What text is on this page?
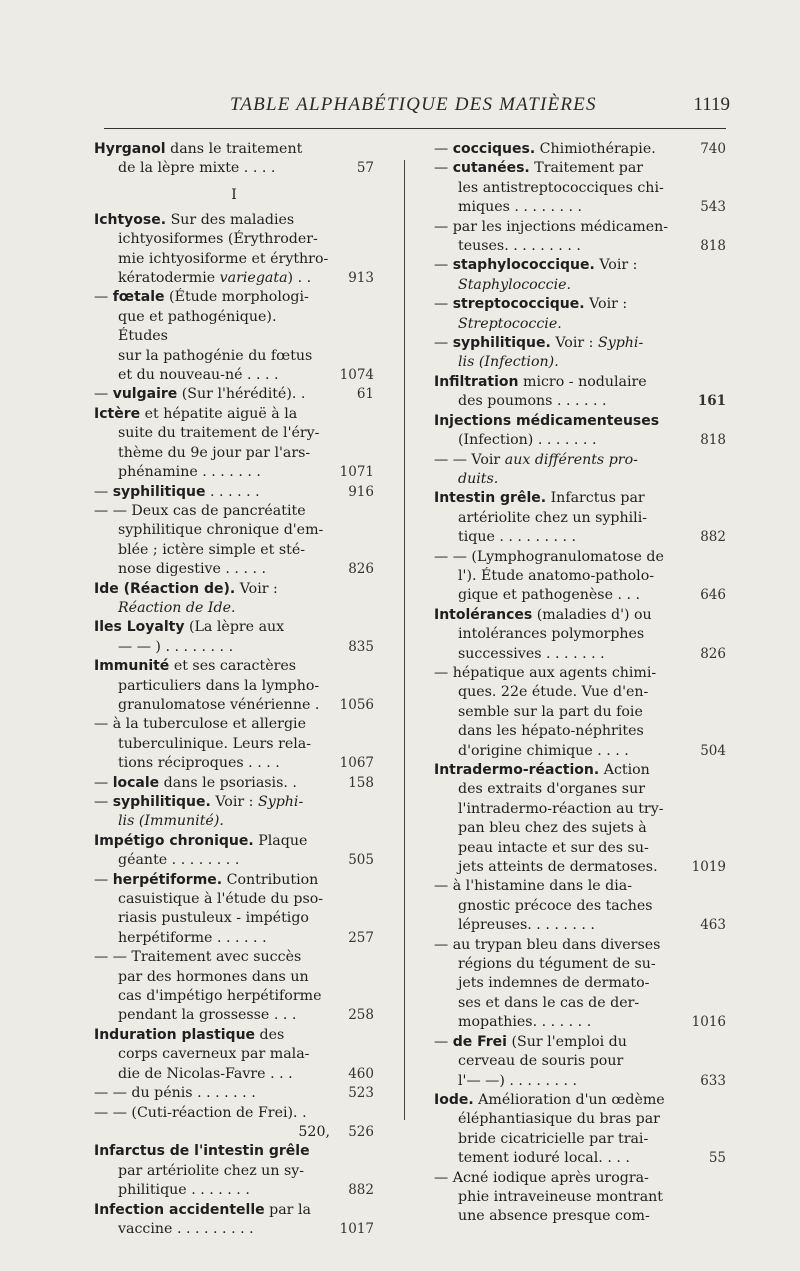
TABLE ALPHABÉTIQUE DES MATIÈRES	1119
Hyrganol dans le traitement
de la lèpre mixte . . . .	57
I
Ichtyose. Sur des maladies
ichtyosiformes (Érythroder-
mie ichtyosiforme et érythro-
kératodermie variegata) . .	913
— fœtale (Étude morphologi-
que et pathogénique). Études
sur la pathogénie du fœtus
et du nouveau-né . . . .	1074
— vulgaire (Sur l'hérédité). .	61
Ictère et hépatite aiguë à la
suite du traitement de l'éry-
thème du 9e jour par l'ars-
phénamine . . . . . . .	1071
— syphilitique . . . . . .	916
— — Deux cas de pancréatite
syphilitique chronique d'em-
blée ; ictère simple et sté-
nose digestive . . . . .	826
Ide (Réaction de). Voir :
Réaction de Ide.
Iles Loyalty (La lèpre aux
— — ) . . . . . . . .	835
Immunité et ses caractères
particuliers dans la lympho-
granulomatose vénérienne .	1056
— à la tuberculose et allergie
tuberculinique. Leurs rela-
tions réciproques . . . .	1067
— locale dans le psoriasis. .	158
— syphilitique. Voir : Syphi-
lis (Immunité).
Impétigo chronique. Plaque
géante . . . . . . . .	505
— herpétiforme. Contribution
casuistique à l'étude du pso-
riasis pustuleux - impétigo
herpétiforme . . . . . .	257
— — Traitement avec succès
par des hormones dans un
cas d'impétigo herpétiforme
pendant la grossesse . . .	258
Induration plastique des
corps caverneux par mala-
die de Nicolas-Favre . . .	460
— — du pénis . . . . . . .	523
— — (Cuti-réaction de Frei). .
520, 526
Infarctus de l'intestin grêle
par artériolite chez un sy-
philitique . . . . . . .	882
Infection accidentelle par la
vaccine . . . . . . . . .	1017
— cocciques. Chimiothérapie.	740
— cutanées. Traitement par
les antistreptococciques chi-
miques . . . . . . . .	543
— par les injections médicamen-
teuses. . . . . . . . .	818
— staphylococcique. Voir :
Staphylococcie.
— streptococcique. Voir :
Streptococcie.
— syphilitique. Voir : Syphi-
lis (Infection).
Infiltration micro - nodulaire
des poumons . . . . . .	161
Injections médicamenteuses
(Infection) . . . . . . .	818
— — Voir aux différents pro-
duits.
Intestin grêle. Infarctus par
artériolite chez un syphili-
tique . . . . . . . . .	882
— — (Lymphogranulomatose de
l'). Étude anatomo-patholo-
gique et pathogenèse . . .	646
Intolérances (maladies d') ou
intolérances polymorphes
successives . . . . . . .	826
— hépatique aux agents chimi-
ques. 22e étude. Vue d'en-
semble sur la part du foie
dans les hépato-néphrites
d'origine chimique . . . .	504
Intradermo-réaction. Action
des extraits d'organes sur
l'intradermo-réaction au try-
pan bleu chez des sujets à
peau intacte et sur des su-
jets atteints de dermatoses.	1019
— à l'histamine dans le dia-
gnostic précoce des taches
lépreuses. . . . . . . .	463
— au trypan bleu dans diverses
régions du tégument de su-
jets indemnes de dermato-
ses et dans le cas de der-
mopathies. . . . . . .	1016
— de Frei (Sur l'emploi du
cerveau de souris pour
l'— —) . . . . . . . .	633
Iode. Amélioration d'un œdème
éléphantiasique du bras par
bride cicatricielle par trai-
tement ioduré local. . . .	55
— Acné iodique après urogra-
phie intraveineuse montrant
une absence presque com-
